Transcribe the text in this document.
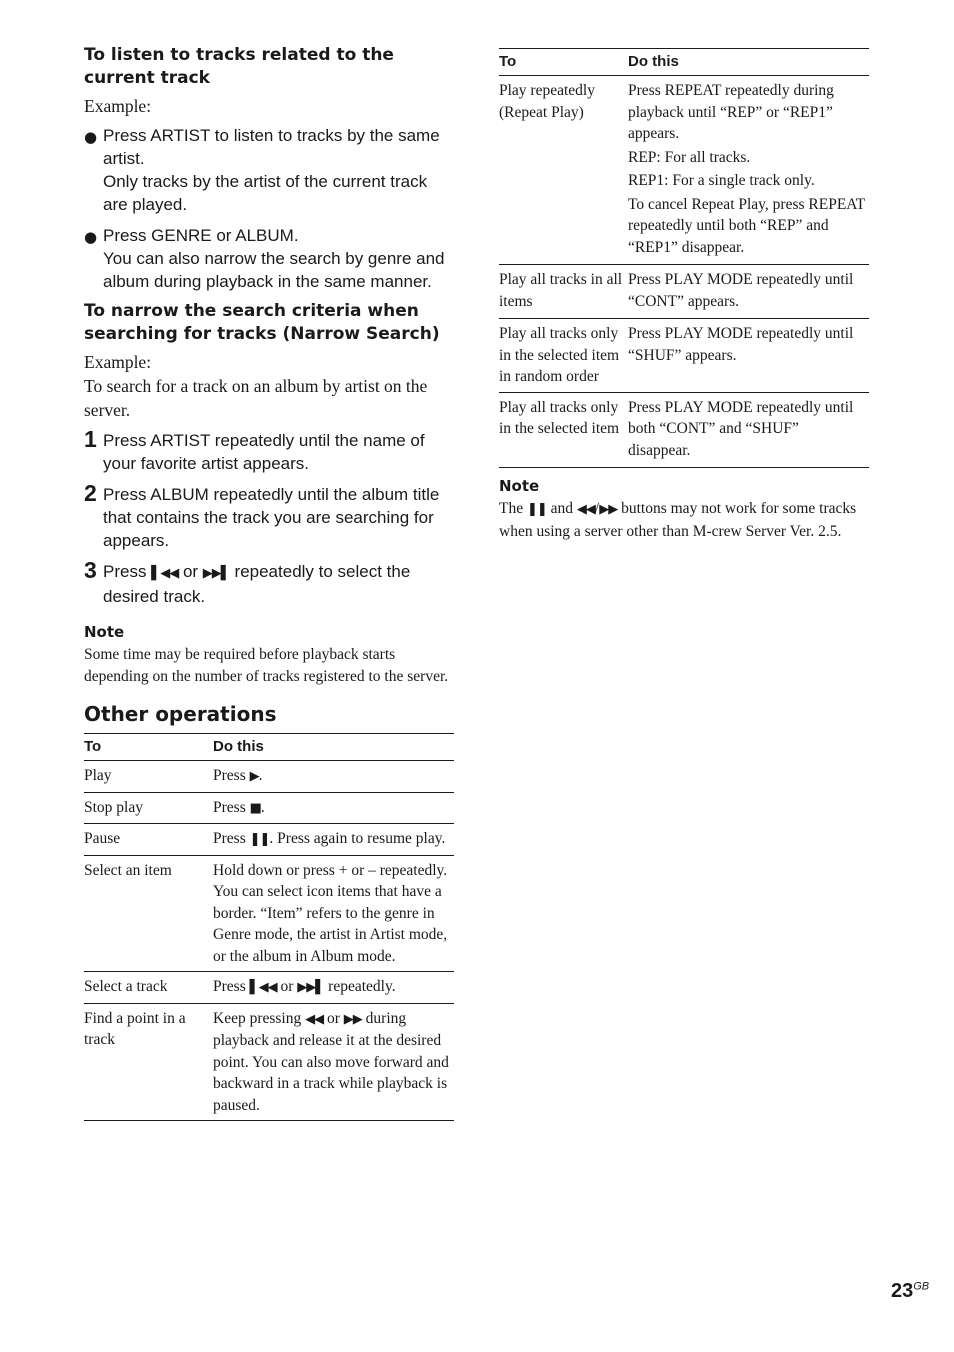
To listen to tracks related to the current track

Example:

● Press ARTIST to listen to tracks by the same artist.

Only tracks by the artist of the current track are played.

● Press GENRE or ALBUM.

You can also narrow the search by genre and album during playback in the same manner.

To narrow the search criteria when searching for tracks (Narrow Search)

Example:

To search for a track on an album by artist on the server.

1 Press ARTIST repeatedly until the name of your favorite artist appears.

2 Press ALBUM repeatedly until the album title that contains the track you are searching for appears.

3 Press ▌◀◀ or ▶▶▌ repeatedly to select the desired track.

Note

Some time may be required before playback starts depending on the number of tracks registered to the server.

Other operations
To	Do this
Play	Press ▶.
Stop play	Press ■.
Pause	Press ❚❚. Press again to resume play.
Select an item	Hold down or press + or – repeatedly. You can select icon items that have a border. “Item” refers to the genre in Genre mode, the artist in Artist mode, or the album in Album mode.
Select a track	Press ▌◀◀ or ▶▶▌ repeatedly.
Find a point in a track	Keep pressing ◀◀ or ▶▶ during playback and release it at the desired point. You can also move forward and backward in a track while playback is paused.
To	Do this
Play repeatedly (Repeat Play)	Press REPEAT repeatedly during playback until “REP” or “REP1” appears.

REP: For all tracks.

REP1: For a single track only.

To cancel Repeat Play, press REPEAT repeatedly until both “REP” and “REP1” disappear.

Play all tracks in all items	Press PLAY MODE repeatedly until “CONT” appears.

Play all tracks only in the selected item in random order	Press PLAY MODE repeatedly until “SHUF” appears.

Play all tracks only in the selected item	Press PLAY MODE repeatedly until both “CONT” and “SHUF” disappear.

Note

The ❚❚ and ◀◀/▶▶ buttons may not work for some tracks when using a server other than M-crew Server Ver. 2.5.

$23^{GB}$
